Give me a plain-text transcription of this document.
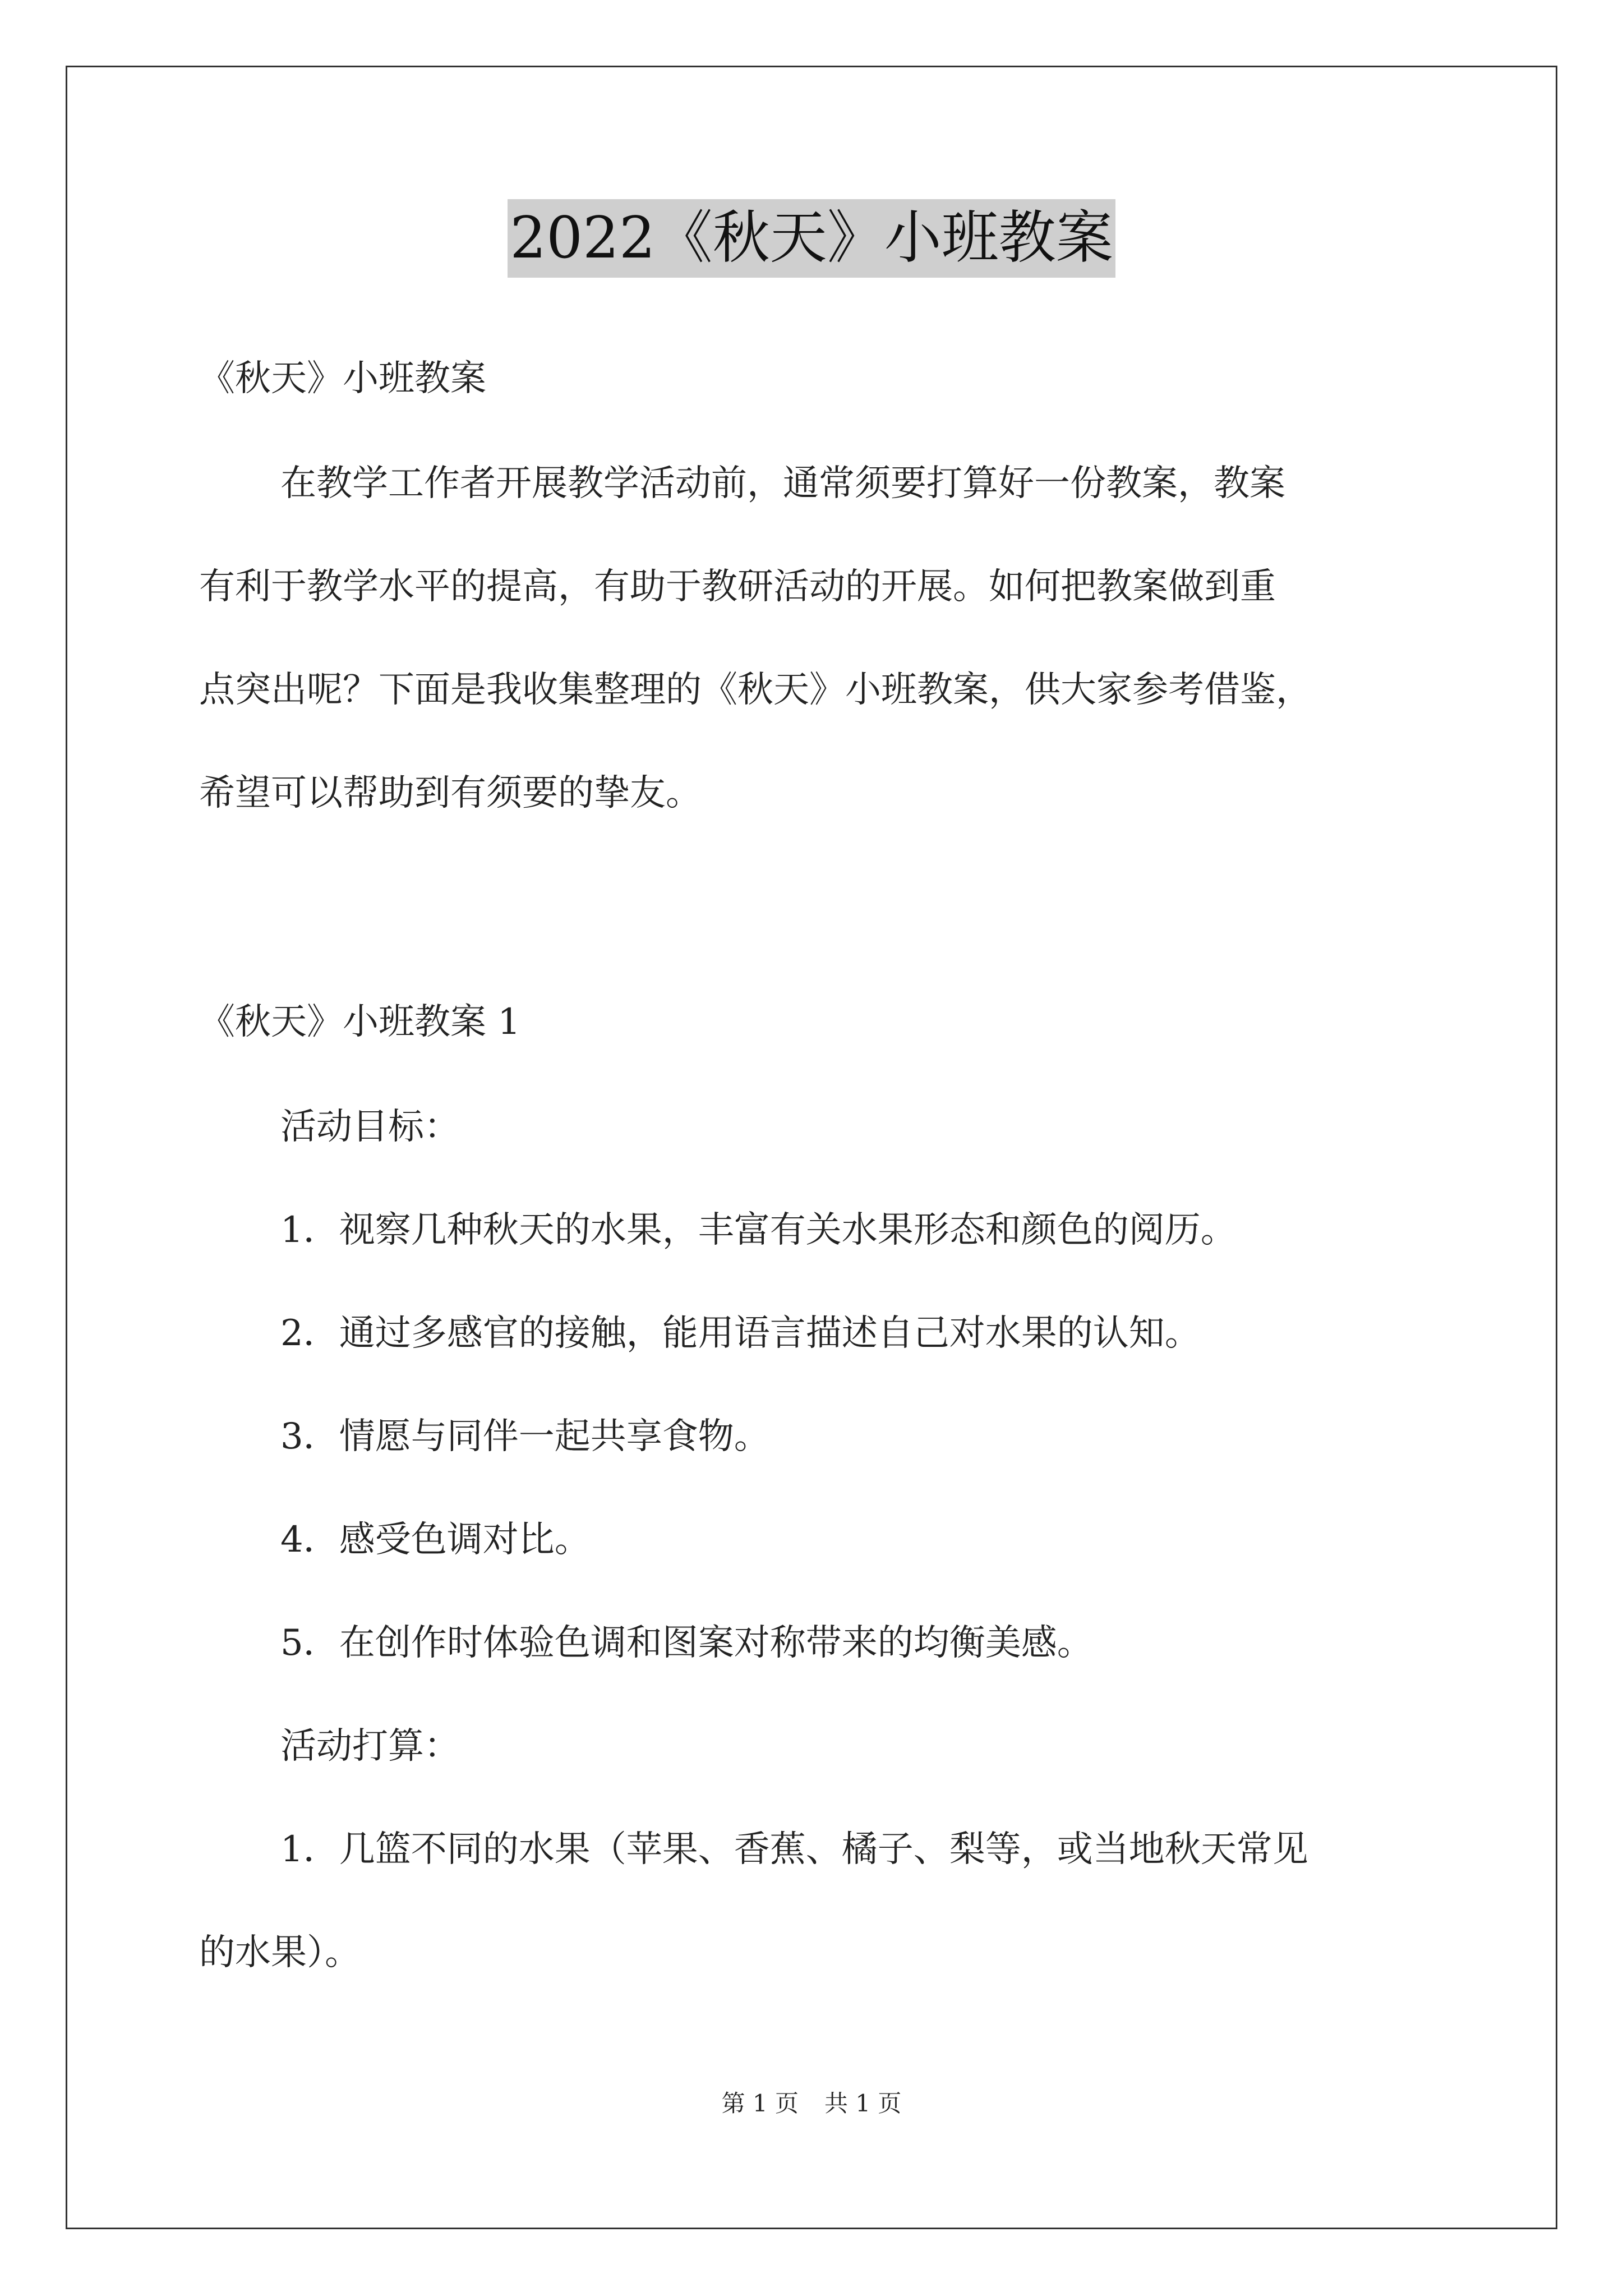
2022《秋天》小班教案
《秋天》小班教案
在教学工作者开展教学活动前，通常须要打算好一份教案，教案
有利于教学水平的提高，有助于教研活动的开展。如何把教案做到重
点突出呢？下面是我收集整理的《秋天》小班教案，供大家参考借鉴，
希望可以帮助到有须要的挚友。
《秋天》小班教案 1
活动目标：
1．视察几种秋天的水果，丰富有关水果形态和颜色的阅历。
2．通过多感官的接触，能用语言描述自己对水果的认知。
3．情愿与同伴一起共享食物。
4．感受色调对比。
5．在创作时体验色调和图案对称带来的均衡美感。
活动打算：
1．几篮不同的水果（苹果、香蕉、橘子、梨等，或当地秋天常见
的水果）。
第 1 页 共 1 页
